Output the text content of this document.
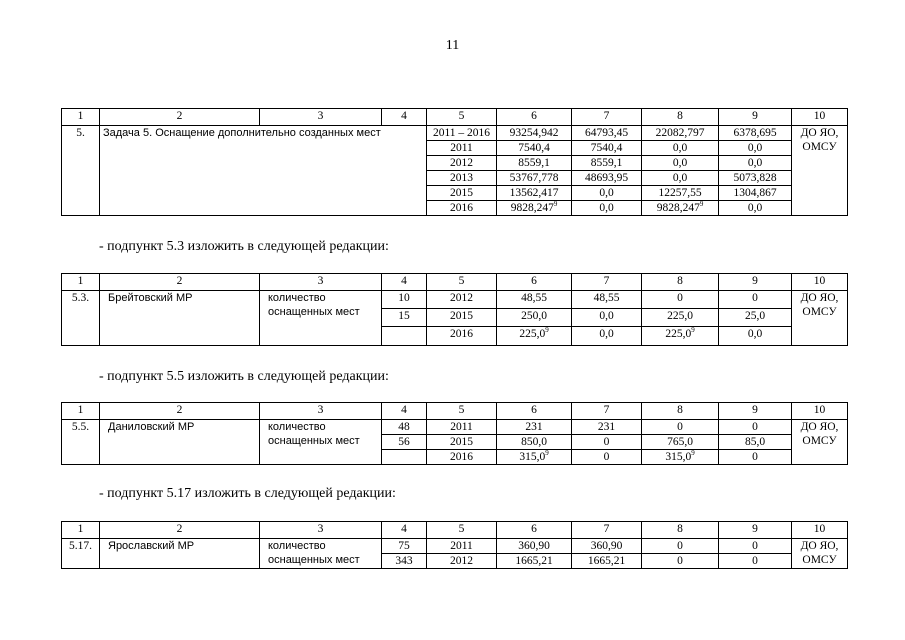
11
1	2	3	4	5	6	7	8	9	10
5.	Задача 5. Оснащение дополнительно созданных мест			2011 – 2016	93254,942	64793,45	22082,797	6378,695	ДО ЯО, ОМСУ
				2011	7540,4	7540,4	0,0	0,0	
				2012	8559,1	8559,1	0,0	0,0	
				2013	53767,778	48693,95	0,0	5073,828	
				2015	13562,417	0,0	12257,55	1304,867	
				2016	9828,247$^9$	0,0	9828,247$^9$	0,0	
- подпункт 5.3 изложить в следующей редакции:
1	2	3	4	5	6	7	8	9	10
5.3.	Брейтовский МР	количество оснащенных мест	10	2012	48,55	48,55	0	0	ДО ЯО, ОМСУ
			15	2015	250,0	0,0	225,0	25,0	
				2016	225,0$^9$	0,0	225,0$^9$	0,0	
- подпункт 5.5 изложить в следующей редакции:
1	2	3	4	5	6	7	8	9	10
5.5.	Даниловский МР	количество оснащенных мест	48	2011	231	231	0	0	ДО ЯО, ОМСУ
			56	2015	850,0	0	765,0	85,0	
				2016	315,0$^9$	0	315,0$^9$	0	
- подпункт 5.17 изложить в следующей редакции:
1	2	3	4	5	6	7	8	9	10
5.17.	Ярославский МР	количество оснащенных мест	75	2011	360,90	360,90	0	0	ДО ЯО, ОМСУ
			343	2012	1665,21	1665,21	0	0	
